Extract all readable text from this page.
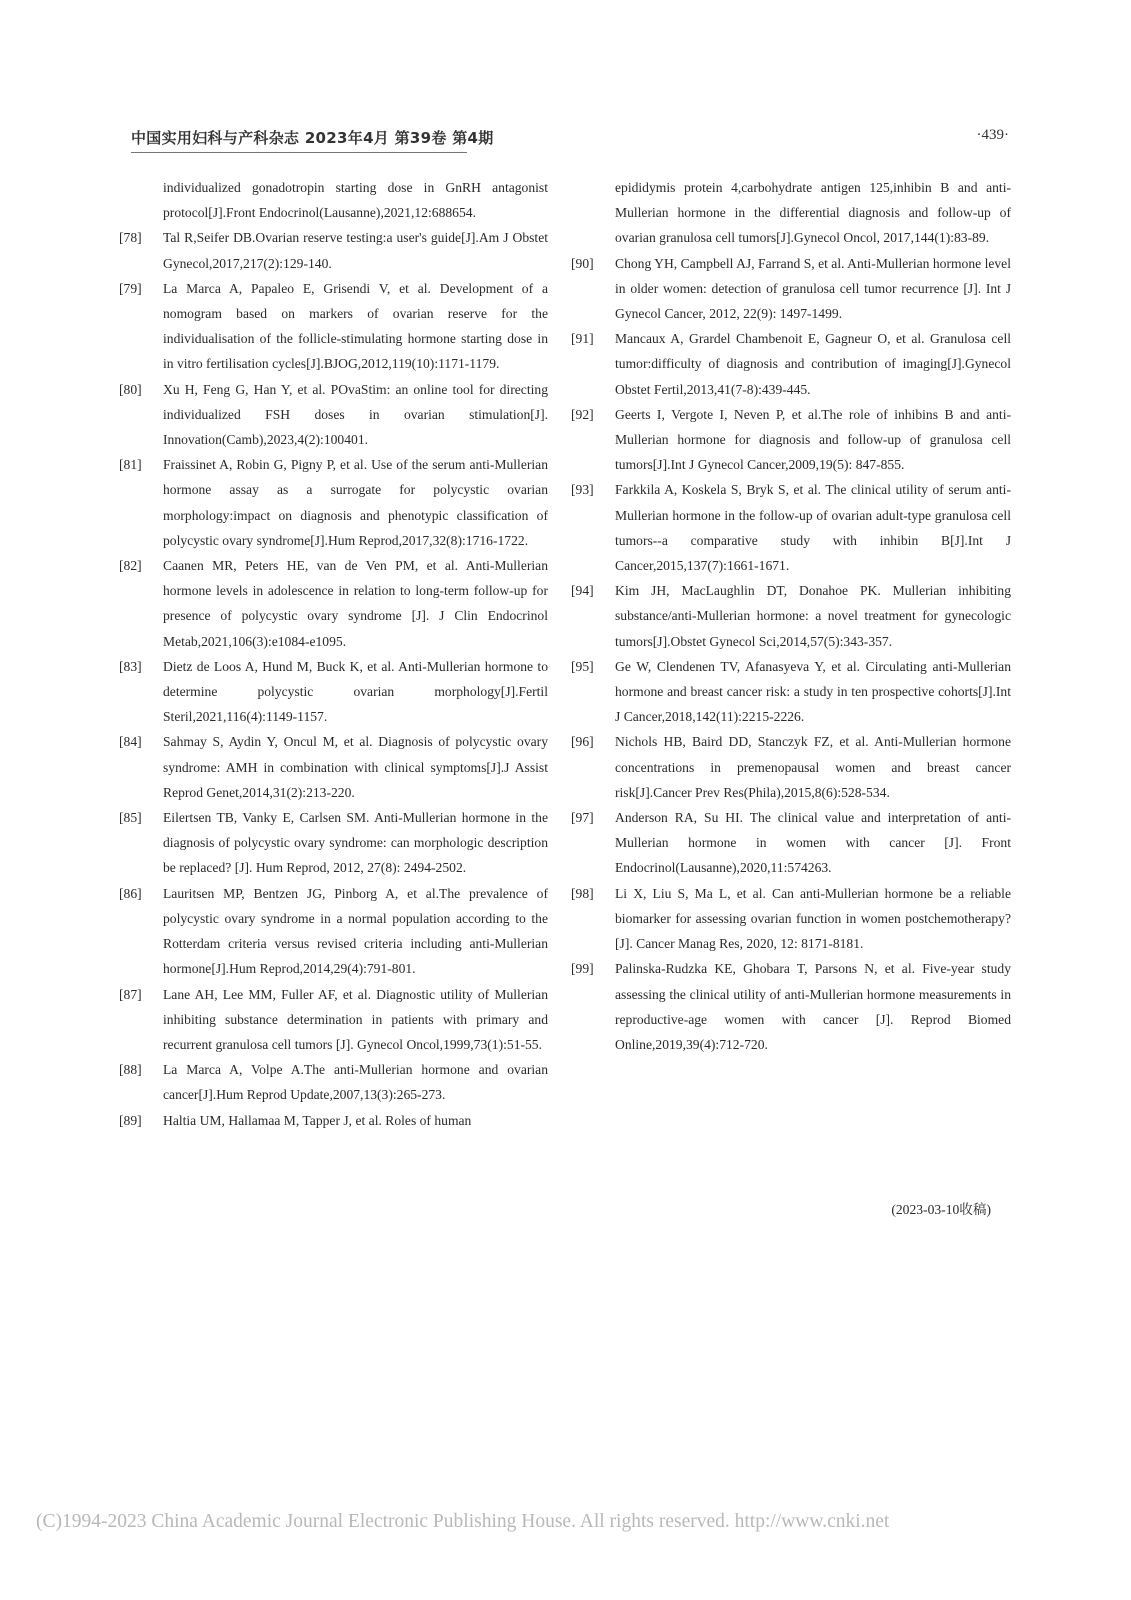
中国实用妇科与产科杂志 2023年4月 第39卷 第4期	·439·
individualized gonadotropin starting dose in GnRH antagonist protocol[J].Front Endocrinol(Lausanne),2021,12:688654.
[78]	Tal R,Seifer DB.Ovarian reserve testing:a user's guide[J].Am J Obstet Gynecol,2017,217(2):129-140.
[79]	La Marca A, Papaleo E, Grisendi V, et al. Development of a nomogram based on markers of ovarian reserve for the individualisation of the follicle-stimulating hormone starting dose in in vitro fertilisation cycles[J].BJOG,2012,119(10):1171-1179.
[80]	Xu H, Feng G, Han Y, et al. POvaStim: an online tool for directing individualized FSH doses in ovarian stimulation[J]. Innovation(Camb),2023,4(2):100401.
[81]	Fraissinet A, Robin G, Pigny P, et al. Use of the serum anti-Mullerian hormone assay as a surrogate for polycystic ovarian morphology:impact on diagnosis and phenotypic classification of polycystic ovary syndrome[J].Hum Reprod,2017,32(8):1716-1722.
[82]	Caanen MR, Peters HE, van de Ven PM, et al. Anti-Mullerian hormone levels in adolescence in relation to long-term follow-up for presence of polycystic ovary syndrome [J]. J Clin Endocrinol Metab,2021,106(3):e1084-e1095.
[83]	Dietz de Loos A, Hund M, Buck K, et al. Anti-Mullerian hormone to determine polycystic ovarian morphology[J].Fertil Steril,2021,116(4):1149-1157.
[84]	Sahmay S, Aydin Y, Oncul M, et al. Diagnosis of polycystic ovary syndrome: AMH in combination with clinical symptoms[J].J Assist Reprod Genet,2014,31(2):213-220.
[85]	Eilertsen TB, Vanky E, Carlsen SM. Anti-Mullerian hormone in the diagnosis of polycystic ovary syndrome: can morphologic description be replaced? [J]. Hum Reprod, 2012, 27(8): 2494-2502.
[86]	Lauritsen MP, Bentzen JG, Pinborg A, et al.The prevalence of polycystic ovary syndrome in a normal population according to the Rotterdam criteria versus revised criteria including anti-Mullerian hormone[J].Hum Reprod,2014,29(4):791-801.
[87]	Lane AH, Lee MM, Fuller AF, et al. Diagnostic utility of Mullerian inhibiting substance determination in patients with primary and recurrent granulosa cell tumors [J]. Gynecol Oncol,1999,73(1):51-55.
[88]	La Marca A, Volpe A.The anti-Mullerian hormone and ovarian cancer[J].Hum Reprod Update,2007,13(3):265-273.
[89]	Haltia UM, Hallamaa M, Tapper J, et al. Roles of human
epididymis protein 4,carbohydrate antigen 125,inhibin B and anti-Mullerian hormone in the differential diagnosis and follow-up of ovarian granulosa cell tumors[J].Gynecol Oncol, 2017,144(1):83-89.
[90]	Chong YH, Campbell AJ, Farrand S, et al. Anti-Mullerian hormone level in older women: detection of granulosa cell tumor recurrence [J]. Int J Gynecol Cancer, 2012, 22(9): 1497-1499.
[91]	Mancaux A, Grardel Chambenoit E, Gagneur O, et al. Granulosa cell tumor:difficulty of diagnosis and contribution of imaging[J].Gynecol Obstet Fertil,2013,41(7-8):439-445.
[92]	Geerts I, Vergote I, Neven P, et al.The role of inhibins B and anti-Mullerian hormone for diagnosis and follow-up of granulosa cell tumors[J].Int J Gynecol Cancer,2009,19(5): 847-855.
[93]	Farkkila A, Koskela S, Bryk S, et al. The clinical utility of serum anti-Mullerian hormone in the follow-up of ovarian adult-type granulosa cell tumors--a comparative study with inhibin B[J].Int J Cancer,2015,137(7):1661-1671.
[94]	Kim JH, MacLaughlin DT, Donahoe PK. Mullerian inhibiting substance/anti-Mullerian hormone: a novel treatment for gynecologic tumors[J].Obstet Gynecol Sci,2014,57(5):343-357.
[95]	Ge W, Clendenen TV, Afanasyeva Y, et al. Circulating anti-Mullerian hormone and breast cancer risk: a study in ten prospective cohorts[J].Int J Cancer,2018,142(11):2215-2226.
[96]	Nichols HB, Baird DD, Stanczyk FZ, et al. Anti-Mullerian hormone concentrations in premenopausal women and breast cancer risk[J].Cancer Prev Res(Phila),2015,8(6):528-534.
[97]	Anderson RA, Su HI. The clinical value and interpretation of anti-Mullerian hormone in women with cancer [J]. Front Endocrinol(Lausanne),2020,11:574263.
[98]	Li X, Liu S, Ma L, et al. Can anti-Mullerian hormone be a reliable biomarker for assessing ovarian function in women postchemotherapy? [J]. Cancer Manag Res, 2020, 12: 8171-8181.
[99]	Palinska-Rudzka KE, Ghobara T, Parsons N, et al. Five-year study assessing the clinical utility of anti-Mullerian hormone measurements in reproductive-age women with cancer [J]. Reprod Biomed Online,2019,39(4):712-720.
(2023-03-10收稿)
(C)1994-2023 China Academic Journal Electronic Publishing House. All rights reserved. http://www.cnki.net
